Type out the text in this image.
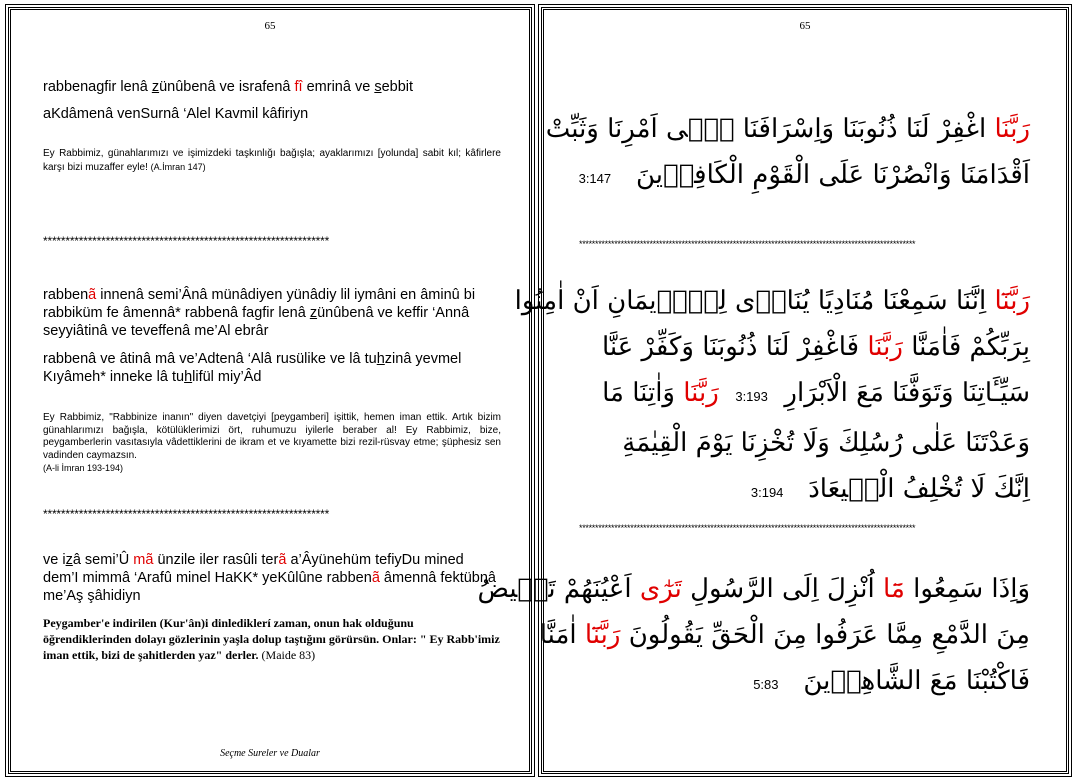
65

rabbenagfir lenâ zünûbenâ ve israfenâ fî emrinâ ve sebbit

aKdâmenâ venSurnâ ‘Alel Kavmil kâfiriyn

Ey Rabbimiz, günahlarımızı ve işimizdeki taşkınlığı bağışla; ayaklarımızı [yolunda] sabit kıl; kâfirlere karşı bizi muzaffer eyle! (A.İmran 147)
****************************************************************

rabbenã innenâ semi’Ânâ münâdiyen yünâdiy lil iymâni en âminû bi rabbiküm fe âmennâ* rabbenâ fagfir lenâ zünûbenâ ve keffir ‘Annâ seyyiâtinâ ve teveffenâ me’Al ebrâr

rabbenâ ve âtinâ mâ ve’Adtenâ ‘Alâ rusülike ve lâ tuhzinâ yevmel Kıyâmeh* inneke lâ tuhlifül miy’Âd

Ey Rabbimiz, "Rabbinize inanın" diyen davetçiyi [peygamberi] işittik, hemen iman ettik. Artık bizim günahlarımızı bağışla, kötülüklerimizi ört, ruhumuzu iyilerle beraber al! Ey Rabbimiz, bize, peygamberlerin vasıtasıyla vâdettiklerini de ikram et ve kıyamette bizi rezil-rüsvay etme; şüphesiz sen vadinden caymazsın.
(A-li İmran 193-194)
****************************************************************

ve izâ semi’Û mã ünzile iler rasûli terã a’Âyünehüm tefiyDu mined dem’I mimmâ ‘Arafû minel HaKK* yeKûlûne rabbenã âmennâ fektübnâ me’Aş şâhidiyn

Peygamber'e indirilen (Kur'ân)i dinlediklerí zaman, onun hak olduğunu öğrendiklerinden dolayı gözlerinin yaşla dolup taştığını görürsün. Onlar: " Ey Rabb'imiz iman ettik, bizi de şahitlerden yaz" derler. (Maide 83)
Seçme Sureler ve Dualar
65
رَبَّنَا اغْفِرْ لَنَا ذُنُوبَنَا وَاِسْرَافَنَا فٖٓى اَمْرِنَا وَثَبِّتْ
اَقْدَامَنَا وَانْصُرْنَا عَلَى الْقَوْمِ الْكَافِرٖينَ   3:147
*********************************************************************************************************
رَبَّنَٓا اِنَّنَا سَمِعْنَا مُنَادِيًا يُنَادٖى لِلْاٖيمَانِ اَنْ اٰمِنُوا
بِرَبِّكُمْ فَاٰمَنَّا رَبَّنَا فَاغْفِرْ لَنَا ذُنُوبَنَا وَكَفِّرْ عَنَّا
سَيِّـَٔاتِنَا وَتَوَفَّنَا مَعَ الْاَبْرَارِ  3:193  رَبَّنَا وَاٰتِنَا مَا
وَعَدْتَنَا عَلٰى رُسُلِكَ وَلَا تُخْزِنَا يَوْمَ الْقِيٰمَةِ
اِنَّكَ لَا تُخْلِفُ الْمٖيعَادَ   3:194
*********************************************************************************************************
وَاِذَا سَمِعُوا مَٓا اُنْزِلَ اِلَى الرَّسُولِ تَرٰٓى اَعْيُنَهُمْ تَفٖيضُ
مِنَ الدَّمْعِ مِمَّا عَرَفُوا مِنَ الْحَقِّ يَقُولُونَ رَبَّنَٓا اٰمَنَّا
فَاكْتُبْنَا مَعَ الشَّاهِدٖينَ   5:83
